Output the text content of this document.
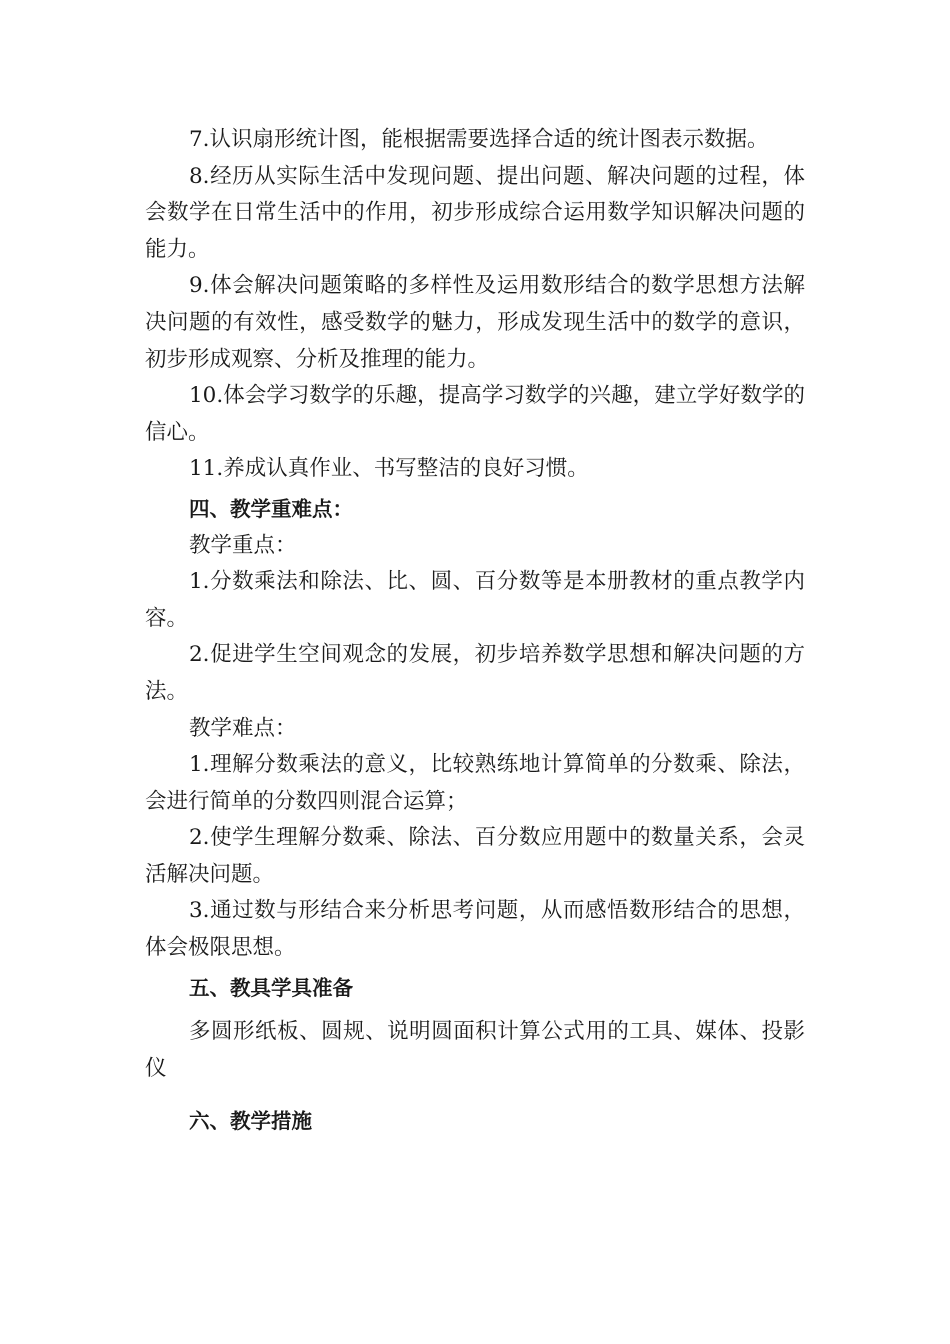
7.认识扇形统计图，能根据需要选择合适的统计图表示数据。

8.经历从实际生活中发现问题、提出问题、解决问题的过程，体会数学在日常生活中的作用，初步形成综合运用数学知识解决问题的能力。

9.体会解决问题策略的多样性及运用数形结合的数学思想方法解决问题的有效性，感受数学的魅力，形成发现生活中的数学的意识，初步形成观察、分析及推理的能力。

10.体会学习数学的乐趣，提高学习数学的兴趣，建立学好数学的信心。

11.养成认真作业、书写整洁的良好习惯。

四、教学重难点：

教学重点：

1.分数乘法和除法、比、圆、百分数等是本册教材的重点教学内容。

2.促进学生空间观念的发展，初步培养数学思想和解决问题的方法。

教学难点：

1.理解分数乘法的意义，比较熟练地计算简单的分数乘、除法，会进行简单的分数四则混合运算；

2.使学生理解分数乘、除法、百分数应用题中的数量关系，会灵活解决问题。

3.通过数与形结合来分析思考问题，从而感悟数形结合的思想，体会极限思想。

五、教具学具准备

多圆形纸板、圆规、说明圆面积计算公式用的工具、媒体、投影仪

六、教学措施
